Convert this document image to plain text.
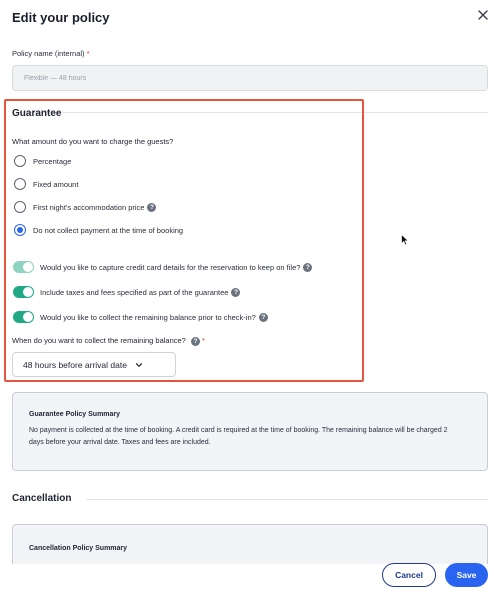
Edit your policy
Policy name (internal) *
Flexible — 48 hours
Guarantee
What amount do you want to charge the guests?
Percentage
Fixed amount
First night's accommodation price ?
Do not collect payment at the time of booking
Would you like to capture credit card details for the reservation to keep on file? ?
Include taxes and fees specified as part of the guarantee ?
Would you like to collect the remaining balance prior to check-in? ?
When do you want to collect the remaining balance? ? *
48 hours before arrival date
Guarantee Policy Summary
No payment is collected at the time of booking. A credit card is required at the time of booking. The remaining balance will be charged 2 days before your arrival date. Taxes and fees are included.
Cancellation
Cancellation Policy Summary
Cancel	Save
